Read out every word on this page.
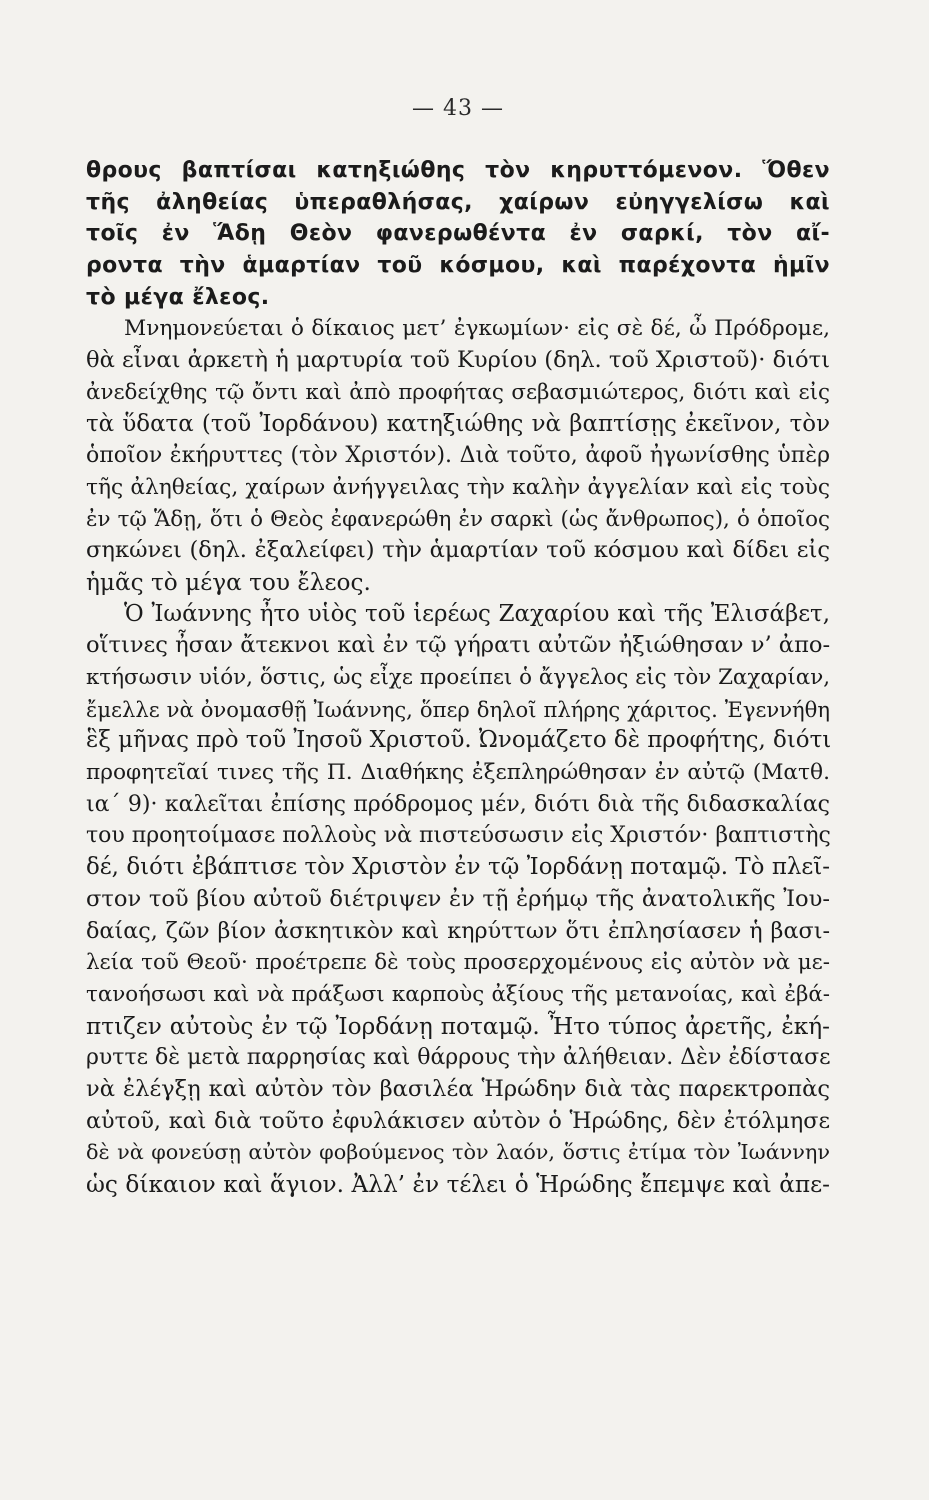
— 43 —
θρους βαπτίσαι κατηξιώθης τὸν κηρυττόμενον. Ὅθεν
τῆς ἀληθείας ὑπεραθλήσας, χαίρων εὐηγγελίσω καὶ
τοῖς ἐν Ἅδῃ Θεὸν φανερωθέντα ἐν σαρκί, τὸν αἴ-
ροντα τὴν ἁμαρτίαν τοῦ κόσμου, καὶ παρέχοντα ἡμῖν
τὸ μέγα ἔλεος.
Μνημονεύεται ὁ δίκαιος μετ’ ἐγκωμίων· εἰς σὲ δέ, ὦ Πρόδρομε,
θὰ εἶναι ἀρκετὴ ἡ μαρτυρία τοῦ Κυρίου (δηλ. τοῦ Χριστοῦ)· διότι
ἀνεδείχθης τῷ ὄντι καὶ ἀπὸ προφήτας σεβασμιώτερος, διότι καὶ εἰς
τὰ ὕδατα (τοῦ Ἰορδάνου) κατηξιώθης νὰ βαπτίσῃς ἐκεῖνον, τὸν
ὁποῖον ἐκήρυττες (τὸν Χριστόν). Διὰ τοῦτο, ἀφοῦ ἠγωνίσθης ὑπὲρ
τῆς ἀληθείας, χαίρων ἀνήγγειλας τὴν καλὴν ἀγγελίαν καὶ εἰς τοὺς
ἐν τῷ Ἅδῃ, ὅτι ὁ Θεὸς ἐφανερώθη ἐν σαρκὶ (ὡς ἄνθρωπος), ὁ ὁποῖος
σηκώνει (δηλ. ἐξαλείφει) τὴν ἁμαρτίαν τοῦ κόσμου καὶ δίδει εἰς
ἡμᾶς τὸ μέγα του ἔλεος.
Ὁ Ἰωάννης ἦτο υἱὸς τοῦ ἱερέως Ζαχαρίου καὶ τῆς Ἐλισάβετ,
οἵτινες ἦσαν ἄτεκνοι καὶ ἐν τῷ γήρατι αὐτῶν ἠξιώθησαν ν’ ἀπο-
κτήσωσιν υἱόν, ὅστις, ὡς εἶχε προείπει ὁ ἄγγελος εἰς τὸν Ζαχαρίαν,
ἔμελλε νὰ ὀνομασθῇ Ἰωάννης, ὅπερ δηλοῖ πλήρης χάριτος. Ἐγεννήθη
ἓξ μῆνας πρὸ τοῦ Ἰησοῦ Χριστοῦ. Ὠνομάζετο δὲ προφήτης, διότι
προφητεῖαί τινες τῆς Π. Διαθήκης ἐξεπληρώθησαν ἐν αὐτῷ (Ματθ.
ια΄ 9)· καλεῖται ἐπίσης πρόδρομος μέν, διότι διὰ τῆς διδασκαλίας
του προητοίμασε πολλοὺς νὰ πιστεύσωσιν εἰς Χριστόν· βαπτιστὴς
δέ, διότι ἐβάπτισε τὸν Χριστὸν ἐν τῷ Ἰορδάνῃ ποταμῷ. Τὸ πλεῖ-
στον τοῦ βίου αὐτοῦ διέτριψεν ἐν τῇ ἐρήμῳ τῆς ἀνατολικῆς Ἰου-
δαίας, ζῶν βίον ἀσκητικὸν καὶ κηρύττων ὅτι ἐπλησίασεν ἡ βασι-
λεία τοῦ Θεοῦ· προέτρεπε δὲ τοὺς προσερχομένους εἰς αὐτὸν νὰ με-
τανοήσωσι καὶ νὰ πράξωσι καρποὺς ἀξίους τῆς μετανοίας, καὶ ἐβά-
πτιζεν αὐτοὺς ἐν τῷ Ἰορδάνῃ ποταμῷ. Ἦτο τύπος ἀρετῆς, ἐκή-
ρυττε δὲ μετὰ παρρησίας καὶ θάρρους τὴν ἀλήθειαν. Δὲν ἐδίστασε
νὰ ἐλέγξῃ καὶ αὐτὸν τὸν βασιλέα Ἡρώδην διὰ τὰς παρεκτροπὰς
αὐτοῦ, καὶ διὰ τοῦτο ἐφυλάκισεν αὐτὸν ὁ Ἡρώδης, δὲν ἐτόλμησε
δὲ νὰ φονεύσῃ αὐτὸν φοβούμενος τὸν λαόν, ὅστις ἐτίμα τὸν Ἰωάννην
ὡς δίκαιον καὶ ἅγιον. Ἀλλ’ ἐν τέλει ὁ Ἡρώδης ἔπεμψε καὶ ἀπε-
